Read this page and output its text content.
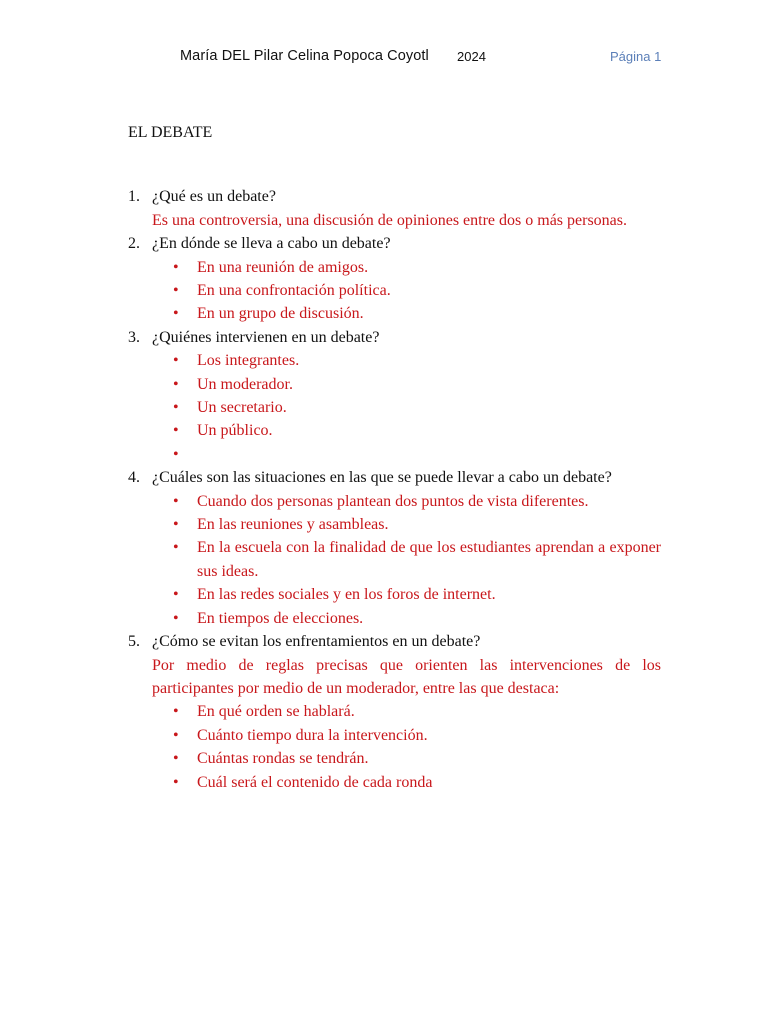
María DEL Pilar Celina Popoca Coyotl 2024	Página 1
EL DEBATE
1. ¿Qué es un debate?
Es una controversia, una discusión de opiniones entre dos o más personas.
2. ¿En dónde se lleva a cabo un debate?
• En una reunión de amigos.
• En una confrontación política.
• En un grupo de discusión.
3. ¿Quiénes intervienen en un debate?
• Los integrantes.
• Un moderador.
• Un secretario.
• Un público.
•
4. ¿Cuáles son las situaciones en las que se puede llevar a cabo un debate?
• Cuando dos personas plantean dos puntos de vista diferentes.
• En las reuniones y asambleas.
• En la escuela con la finalidad de que los estudiantes aprendan a exponer sus ideas.
• En las redes sociales y en los foros de internet.
• En tiempos de elecciones.
5. ¿Cómo se evitan los enfrentamientos en un debate?
Por medio de reglas precisas que orienten las intervenciones de los participantes por medio de un moderador, entre las que destaca:
• En qué orden se hablará.
• Cuánto tiempo dura la intervención.
• Cuántas rondas se tendrán.
• Cuál será el contenido de cada ronda
